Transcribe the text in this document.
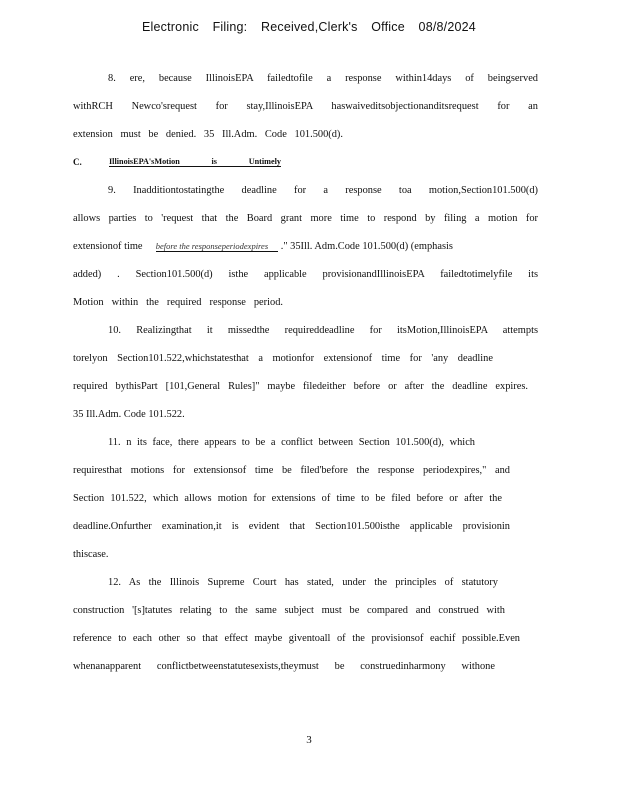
Electronic Filing: Received,Clerk's Office 08/8/2024
8. ere, because IllinoisEPA failedtofile a response within14days of beingserved
withRCH Newco'srequest for stay,IllinoisEPA haswaiveditsobjectionanditsrequest for an
extension must be denied. 35 Ill.Adm. Code 101.500(d).
C.	IllinoisEPA'sMotion is Untimely
9. Inadditiontostatingthe deadline for a response toa motion,Section101.500(d)
allows parties to 'request that the Board grant more time to respond by filing a motion for
extensionof time before the responseperiodexpires ." 35Ill. Adm.Code 101.500(d) (emphasis
added) . Section101.500(d) isthe applicable provisionandIllinoisEPA failedtotimelyfile its
Motion within the required response period.
10. Realizingthat it missedthe requireddeadline for itsMotion,IllinoisEPA attempts
torelyon Section101.522,whichstatesthat a motionfor extensionof time for 'any deadline
required bythisPart [101,General Rules]" maybe filedeither before or after the deadline expires.
35 Ill.Adm. Code 101.522.
11. n its face, there appears to be a conflict between Section 101.500(d), which
requiresthat motions for extensionsof time be filed'before the response periodexpires," and
Section 101.522, which allows motion for extensions of time to be filed before or after the
deadline.Onfurther examination,it is evident that Section101.500isthe applicable provisionin
thiscase.
12. As the Illinois Supreme Court has stated, under the principles of statutory
construction '[s]tatutes relating to the same subject must be compared and construed with
reference to each other so that effect maybe giventoall of the provisionsof eachif possible.Even
whenanapparent conflictbetweenstatutesexists,theymust be construedinharmony withone
3
